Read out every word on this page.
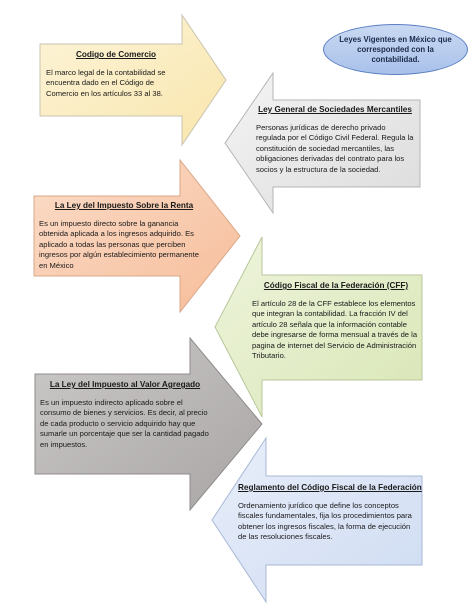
Leyes Vigentes en México que corresponded con la contabilidad.
Codigo de Comercio
El marco legal de la contabilidad se encuentra dado en el Código de Comercio en los artículos 33 al 38.
Ley General de Sociedades Mercantiles
Personas jurídicas de derecho privado regulada por el Código Civil Federal. Regula la constitución de sociedad mercantiles, las obligaciones derivadas del contrato para los socios y la estructura de la sociedad.
La Ley del Impuesto Sobre la Renta
Es un impuesto directo sobre la ganancia obtenida aplicada a los ingresos adquirido. Es aplicado a todas las personas que perciben ingresos por algún establecimiento permanente en México
Código Fiscal de la Federación (CFF)
El artículo 28 de la CFF establece los elementos que integran la contabilidad. La fracción IV del artículo 28 señala que la información contable debe ingresarse de forma mensual a través de la pagina de internet del Servicio de Administración Tributario.
La Ley del Impuesto al Valor Agregado
Es un impuesto indirecto aplicado sobre el consumo de bienes y servicios. Es decir, al precio de cada producto o servicio adquirido hay que sumarle un porcentaje que ser la cantidad pagado en impuestos.
Reglamento del Código Fiscal de la Federación
Ordenamiento jurídico que define los conceptos fiscales fundamentales, fija los procedimientos para obtener los ingresos fiscales, la forma de ejecución de las resoluciones fiscales.
